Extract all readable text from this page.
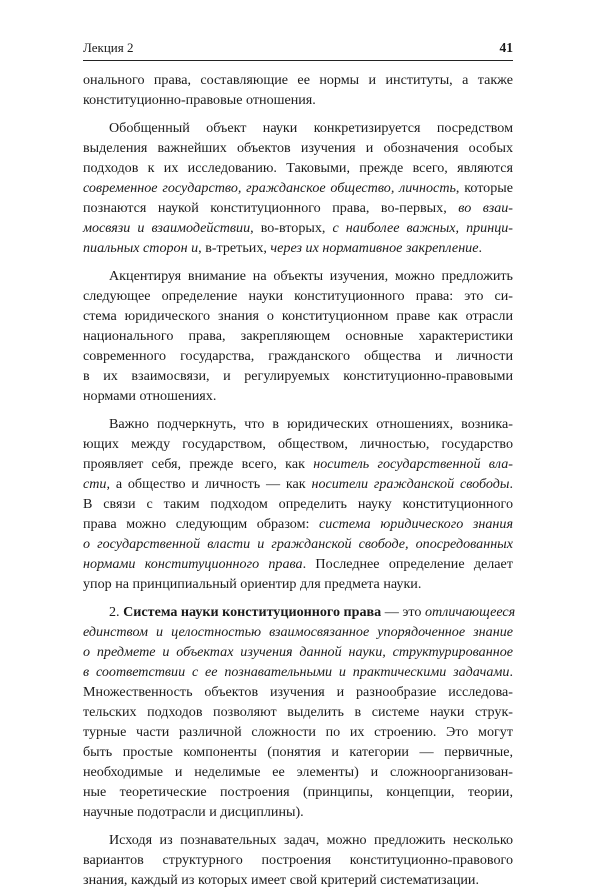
Лекция 2	41
онального права, составляющие ее нормы и институты, а также
конституционно-правовые отношения.
Обобщенный объект науки конкретизируется посредством
выделения важнейших объектов изучения и обозначения особых
подходов к их исследованию. Таковыми, прежде всего, являются
современное государство, гражданское общество, личность, которые
познаются наукой конституционного права, во-первых, во взаи-
мосвязи и взаимодействии, во-вторых, с наиболее важных, принци-
пиальных сторон и, в-третьих, через их нормативное закрепление.
Акцентируя внимание на объекты изучения, можно предложить
следующее определение науки конституционного права: это си-
стема юридического знания о конституционном праве как отрасли
национального права, закрепляющем основные характеристики
современного государства, гражданского общества и личности
в их взаимосвязи, и регулируемых конституционно-правовыми
нормами отношениях.
Важно подчеркнуть, что в юридических отношениях, возника-
ющих между государством, обществом, личностью, государство
проявляет себя, прежде всего, как носитель государственной вла-
сти, а общество и личность — как носители гражданской свободы.
В связи с таким подходом определить науку конституционного
права можно следующим образом: система юридического знания
о государственной власти и гражданской свободе, опосредованных
нормами конституционного права. Последнее определение делает
упор на принципиальный ориентир для предмета науки.
2. Система науки конституционного права — это отличающееся
единством и целостностью взаимосвязанное упорядоченное знание
о предмете и объектах изучения данной науки, структурированное
в соответствии с ее познавательными и практическими задачами.
Множественность объектов изучения и разнообразие исследова-
тельских подходов позволяют выделить в системе науки струк-
турные части различной сложности по их строению. Это могут
быть простые компоненты (понятия и категории — первичные,
необходимые и неделимые ее элементы) и сложноорганизован-
ные теоретические построения (принципы, концепции, теории,
научные подотрасли и дисциплины).
Исходя из познавательных задач, можно предложить несколько
вариантов структурного построения конституционно-правового
знания, каждый из которых имеет свой критерий систематизации.
